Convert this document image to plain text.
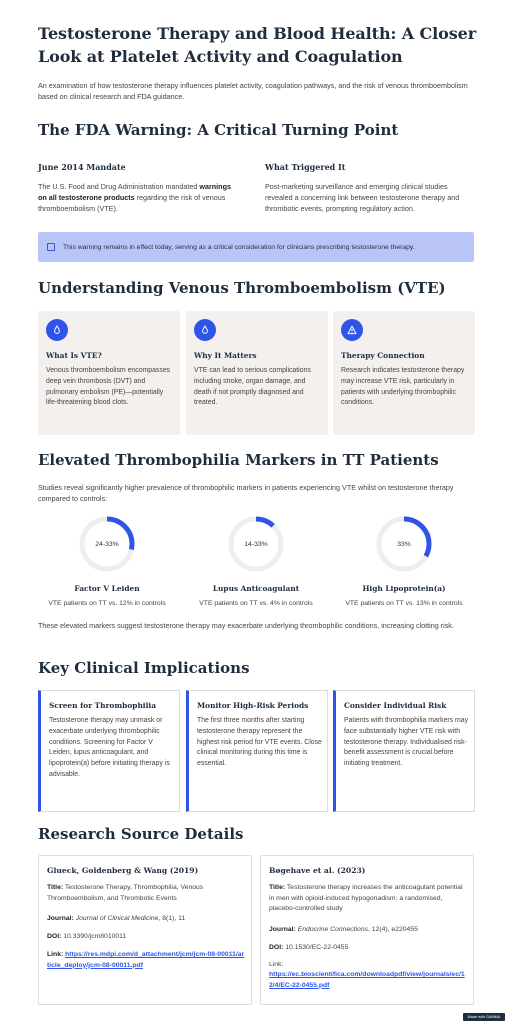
Testosterone Therapy and Blood Health: A Closer Look at Platelet Activity and Coagulation

An examination of how testosterone therapy influences platelet activity, coagulation pathways, and the risk of venous thromboembolism based on clinical research and FDA guidance.

The FDA Warning: A Critical Turning Point
June 2014 Mandate

The U.S. Food and Drug Administration mandated warnings on all testosterone products regarding the risk of venous thromboembolism (VTE).

What Triggered It

Post-marketing surveillance and emerging clinical studies revealed a concerning link between testosterone therapy and thrombotic events, prompting regulatory action.

This warning remains in effect today, serving as a critical consideration for clinicians prescribing testosterone therapy.
Understanding Venous Thromboembolism (VTE)
What Is VTE?
Venous thromboembolism encompasses deep vein thrombosis (DVT) and pulmonary embolism (PE)—potentially life-threatening blood clots.
Why It Matters
VTE can lead to serious complications including stroke, organ damage, and death if not promptly diagnosed and treated.
Therapy Connection
Research indicates testosterone therapy may increase VTE risk, particularly in patients with underlying thrombophilic conditions.
Elevated Thrombophilia Markers in TT Patients

Studies reveal significantly higher prevalence of thrombophilic markers in patients experiencing VTE whilst on testosterone therapy compared to controls:

24-33%
Factor V Leiden
VTE patients on TT vs. 12% in controls
14-33%
Lupus Anticoagulant
VTE patients on TT vs. 4% in controls
33%
High Lipoprotein(a)
VTE patients on TT vs. 13% in controls

These elevated markers suggest testosterone therapy may exacerbate underlying thrombophilic conditions, increasing clotting risk.

Key Clinical Implications
Screen for Thrombophilia
Testosterone therapy may unmask or exacerbate underlying thrombophilic conditions. Screening for Factor V Leiden, lupus anticoagulant, and lipoprotein(a) before initiating therapy is advisable.
Monitor High-Risk Periods
The first three months after starting testosterone therapy represent the highest risk period for VTE events. Close clinical monitoring during this time is essential.
Consider Individual Risk
Patients with thrombophilia markers may face substantially higher VTE risk with testosterone therapy. Individualised risk-benefit assessment is crucial before initiating treatment.
Research Source Details
Glueck, Goldenberg & Wang (2019)
Title: Testosterone Therapy, Thrombophilia, Venous Thromboembolism, and Thrombotic Events
Journal: Journal of Clinical Medicine, 8(1), 11
DOI: 10.3390/jcm8010011
Link: https://res.mdpi.com/d_attachment/jcm/jcm-08-00011/article_deploy/jcm-08-00011.pdf
Bøgehave et al. (2023)
Title: Testosterone therapy increases the anticoagulant potential in men with opioid-induced hypogonadism: a randomised, placebo-controlled study
Journal: Endocrine Connections, 12(4), e220455
DOI: 10.1530/EC-22-0455
Link:
https://ec.bioscientifica.com/downloadpdf/view/journals/ec/12/4/EC-22-0455.pdf
Made with GAMMA
